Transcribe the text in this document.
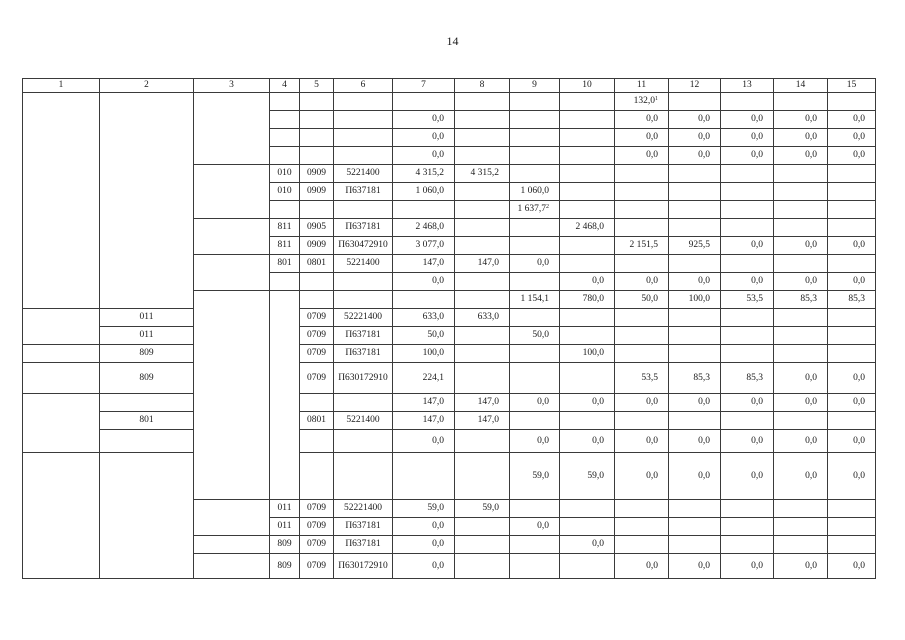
14
1	2	3	4	5	6	7	8	9	10	11	12	13	14	15	
										132,0$^1$				
						0,0				0,0	0,0	0,0	0,0	0,0	
						0,0				0,0	0,0	0,0	0,0	0,0	
						0,0				0,0	0,0	0,0	0,0	0,0	
			010	0909	5221400	4 315,2	4 315,2								
			010	0909	П637181	1 060,0		1 060,0							
								1 637,7$^2$						
			811	0905	П637181	2 468,0			2 468,0						
			811	0909	П630472910	3 077,0				2 151,5	925,5	0,0	0,0	0,0	
			801	0801	5221400	147,0	147,0	0,0							
						0,0			0,0	0,0	0,0	0,0	0,0	0,0	
								1 154,1	780,0	50,0	100,0	53,5	85,3	85,3		
	011			0709	52221400	633,0	633,0								
	011			0709	П637181	50,0		50,0							
	809			0709	П637181	100,0			100,0						
	809			0709	П630172910	224,1				53,5	85,3	85,3	0,0	0,0	
						147,0	147,0	0,0	0,0	0,0	0,0	0,0	0,0	0,0	
	801			0801	5221400	147,0	147,0								
						0,0		0,0	0,0	0,0	0,0	0,0	0,0	0,0	
								59,0	59,0	0,0	0,0	0,0	0,0	0,0		
			011	0709	52221400	59,0	59,0								
			011	0709	П637181	0,0		0,0							
			809	0709	П637181	0,0			0,0						
			809	0709	П630172910	0,0				0,0	0,0	0,0	0,0	0,0	
